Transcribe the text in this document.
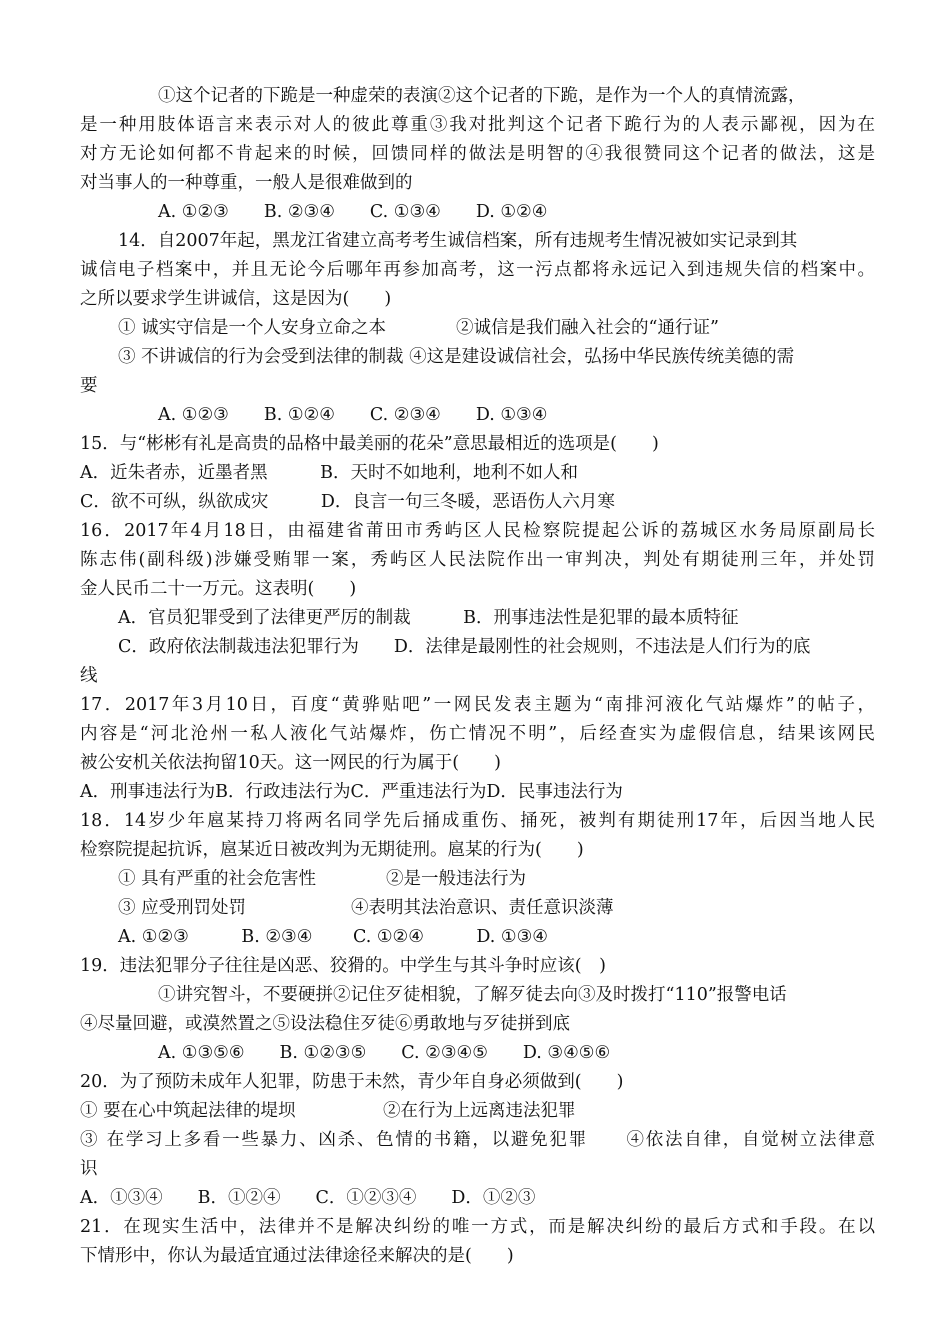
①这个记者的下跪是一种虚荣的表演②这个记者的下跪，是作为一个人的真情流露，
是一种用肢体语言来表示对人的彼此尊重③我对批判这个记者下跪行为的人表示鄙视，因为在
对方无论如何都不肯起来的时候，回馈同样的做法是明智的④我很赞同这个记者的做法，这是
对当事人的一种尊重，一般人是很难做到的
A. ①②③　　B. ②③④　　C. ①③④　　D. ①②④
14．自2007年起，黑龙江省建立高考考生诚信档案，所有违规考生情况被如实记录到其
诚信电子档案中，并且无论今后哪年再参加高考，这一污点都将永远记入到违规失信的档案中。
之所以要求学生讲诚信，这是因为(　　)
① 诚实守信是一个人安身立命之本　　　　②诚信是我们融入社会的“通行证”
③ 不讲诚信的行为会受到法律的制裁 ④这是建设诚信社会，弘扬中华民族传统美德的需
要
A. ①②③　　B. ①②④　　C. ②③④　　D. ①③④
15．与“彬彬有礼是高贵的品格中最美丽的花朵”意思最相近的选项是(　　)
A．近朱者赤，近墨者黑　　　B．天时不如地利，地利不如人和
C．欲不可纵，纵欲成灾　　　D．良言一句三冬暖，恶语伤人六月寒
16．2017年4月18日，由福建省莆田市秀屿区人民检察院提起公诉的荔城区水务局原副局长
陈志伟(副科级)涉嫌受贿罪一案，秀屿区人民法院作出一审判决，判处有期徒刑三年，并处罚
金人民币二十一万元。这表明(　　)
A．官员犯罪受到了法律更严厉的制裁　　　B．刑事违法性是犯罪的最本质特征
C．政府依法制裁违法犯罪行为　　D．法律是最刚性的社会规则，不违法是人们行为的底
线
17．2017年3月10日，百度“黄骅贴吧”一网民发表主题为“南排河液化气站爆炸”的帖子，
内容是“河北沧州一私人液化气站爆炸，伤亡情况不明”，后经查实为虚假信息，结果该网民
被公安机关依法拘留10天。这一网民的行为属于(　　)
A．刑事违法行为B．行政违法行为C．严重违法行为D．民事违法行为
18．14岁少年扈某持刀将两名同学先后捅成重伤、捅死，被判有期徒刑17年，后因当地人民
检察院提起抗诉，扈某近日被改判为无期徒刑。扈某的行为(　　)
① 具有严重的社会危害性　　　　②是一般违法行为
③ 应受刑罚处罚　　　　　　④表明其法治意识、责任意识淡薄
A. ①②③　　　B. ②③④　　 C. ①②④　　　D. ①③④
19．违法犯罪分子往往是凶恶、狡猾的。中学生与其斗争时应该(　)
①讲究智斗，不要硬拼②记住歹徒相貌，了解歹徒去向③及时拨打“110”报警电话
④尽量回避，或漠然置之⑤设法稳住歹徒⑥勇敢地与歹徒拼到底
A. ①③⑤⑥　　B. ①②③⑤　　C. ②③④⑤　　D. ③④⑤⑥
20．为了预防未成年人犯罪，防患于未然，青少年自身必须做到(　　)
① 要在心中筑起法律的堤坝　　　　　②在行为上远离违法犯罪
③ 在学习上多看一些暴力、凶杀、色情的书籍，以避免犯罪　　④依法自律，自觉树立法律意
识
A．①③④　　B．①②④　　C．①②③④　　D．①②③
21．在现实生活中，法律并不是解决纠纷的唯一方式，而是解决纠纷的最后方式和手段。在以
下情形中，你认为最适宜通过法律途径来解决的是(　　)
